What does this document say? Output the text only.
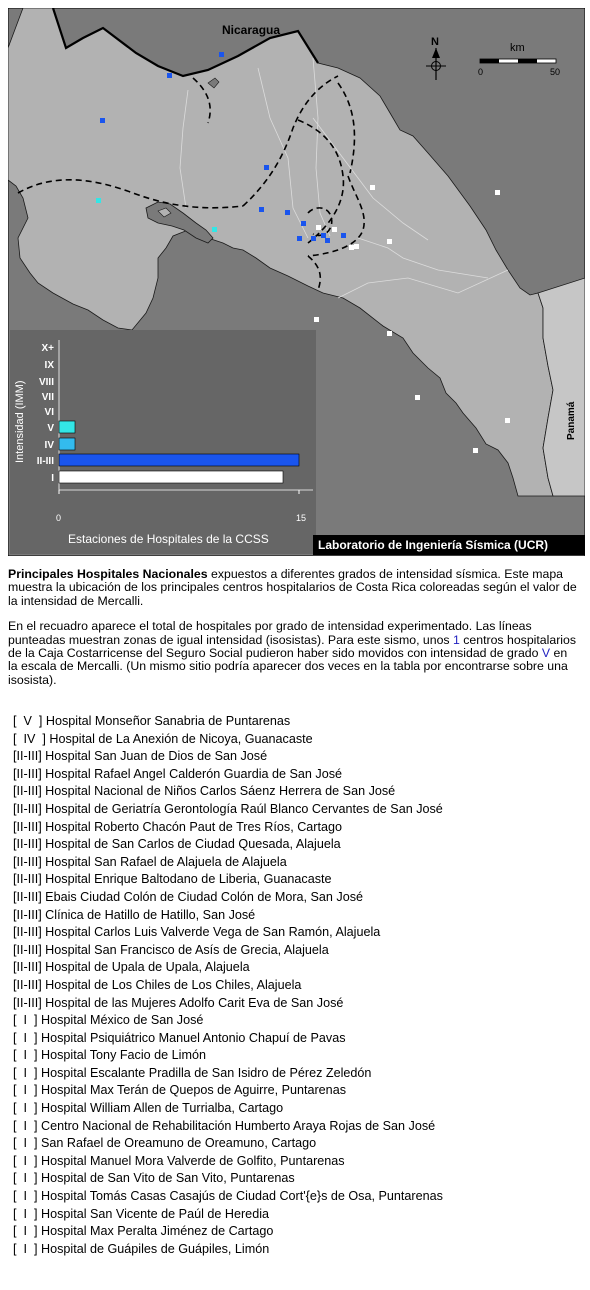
Nicaragua
Panamá
N	km
0	50
Intensidad (IMM)
Estaciones de Hospitales de la CCSS
X+
IX
VIII
VII
VI
V
IV
II-III
I
0	15
Laboratorio de Ingeniería Sísmica (UCR)

Principales Hospitales Nacionales expuestos a diferentes grados de intensidad sísmica. Este mapa muestra la ubicación de los principales centros hospitalarios de Costa Rica coloreadas según el valor de la intensidad de Mercalli.

En el recuadro aparece el total de hospitales por grado de intensidad experimentado. Las líneas punteadas muestran zonas de igual intensidad (isosistas). Para este sismo, unos 1 centros hospitalarios de la Caja Costarricense del Seguro Social pudieron haber sido movidos con intensidad de grado V en la escala de Mercalli. (Un mismo sitio podría aparecer dos veces en la tabla por encontrarse sobre una isosista).

[  V  ] Hospital Monseñor Sanabria de Puntarenas
[  IV  ] Hospital de La Anexión de Nicoya, Guanacaste
[II-III] Hospital San Juan de Dios de San José
[II-III] Hospital Rafael Angel Calderón Guardia de San José
[II-III] Hospital Nacional de Niños Carlos Sáenz Herrera de San José
[II-III] Hospital de Geriatría Gerontología Raúl Blanco Cervantes de San José
[II-III] Hospital Roberto Chacón Paut de Tres Ríos, Cartago
[II-III] Hospital de San Carlos de Ciudad Quesada, Alajuela
[II-III] Hospital San Rafael de Alajuela de Alajuela
[II-III] Hospital Enrique Baltodano de Liberia, Guanacaste
[II-III] Ebais Ciudad Colón de Ciudad Colón de Mora, San José
[II-III] Clínica de Hatillo de Hatillo, San José
[II-III] Hospital Carlos Luis Valverde Vega de San Ramón, Alajuela
[II-III] Hospital San Francisco de Asís de Grecia, Alajuela
[II-III] Hospital de Upala de Upala, Alajuela
[II-III] Hospital de Los Chiles de Los Chiles, Alajuela
[II-III] Hospital de las Mujeres Adolfo Carit Eva de San José
[  I  ] Hospital México de San José
[  I  ] Hospital Psiquiátrico Manuel Antonio Chapuí de Pavas
[  I  ] Hospital Tony Facio de Limón
[  I  ] Hospital Escalante Pradilla de San Isidro de Pérez Zeledón
[  I  ] Hospital Max Terán de Quepos de Aguirre, Puntarenas
[  I  ] Hospital William Allen de Turrialba, Cartago
[  I  ] Centro Nacional de Rehabilitación Humberto Araya Rojas de San José
[  I  ] San Rafael de Oreamuno de Oreamuno, Cartago
[  I  ] Hospital Manuel Mora Valverde de Golfito, Puntarenas
[  I  ] Hospital de San Vito de San Vito, Puntarenas
[  I  ] Hospital Tomás Casas Casajús de Ciudad Cort'{e}s de Osa, Puntarenas
[  I  ] Hospital San Vicente de Paúl de Heredia
[  I  ] Hospital Max Peralta Jiménez de Cartago
[  I  ] Hospital de Guápiles de Guápiles, Limón
